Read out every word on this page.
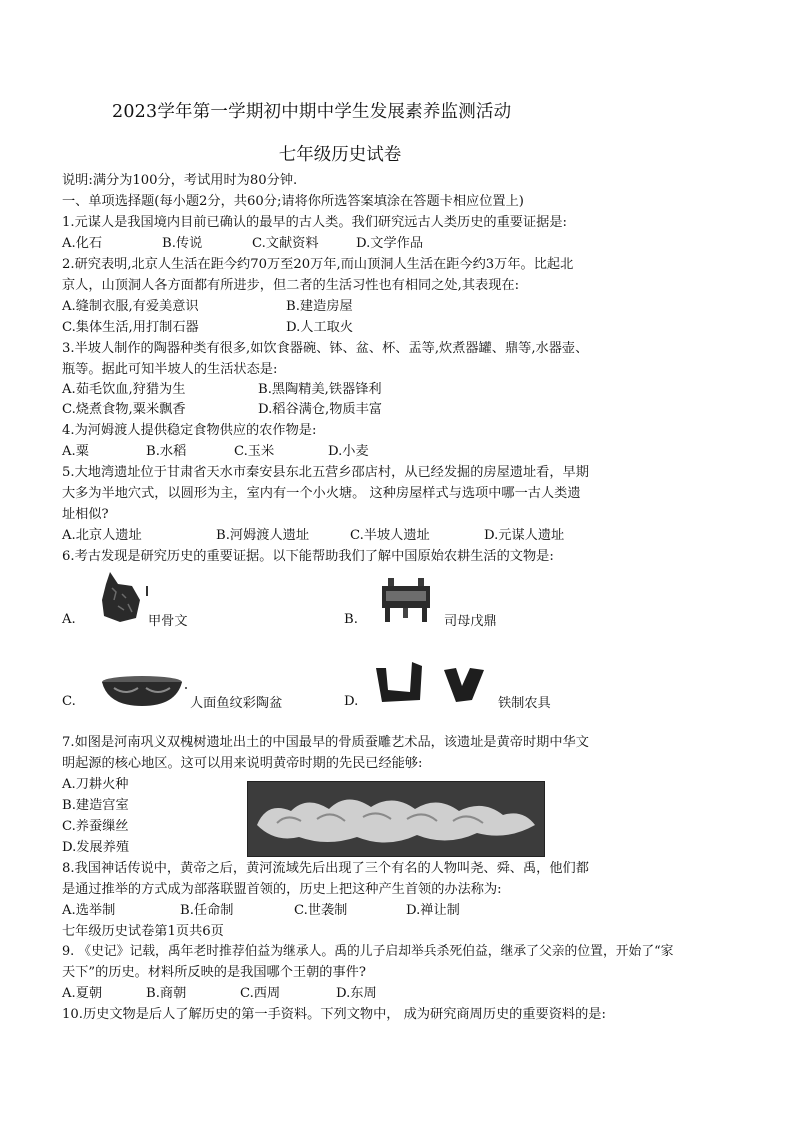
2023学年第一学期初中期中学生发展素养监测活动
七年级历史试卷
说明:满分为100分，考试用时为80分钟.
一、单项选择题(每小题2分，共60分;请将你所选答案填涂在答题卡相应位置上)
1.元谋人是我国境内目前已确认的最早的古人类。我们研究远古人类历史的重要证据是:
A.化石	B.传说	C.文献资料	D.文学作品
2.研究表明,北京人生活在距今约70万至20万年,而山顶洞人生活在距今约3万年。比起北
京人，山顶洞人各方面都有所进步，但二者的生活习性也有相同之处,其表现在:
A.缝制衣服,有爱美意识	B.建造房屋
C.集体生活,用打制石器	D.人工取火
3.半坡人制作的陶器种类有很多,如饮食器碗、钵、盆、杯、盂等,炊煮器罐、鼎等,水器壶、
瓶等。据此可知半坡人的生活状态是:
A.茹毛饮血,狩猎为生	B.黑陶精美,铁器锋利
C.烧煮食物,粟米飘香	D.稻谷满仓,物质丰富
4.为河姆渡人提供稳定食物供应的农作物是:
A.粟	B.水稻	C.玉米	D.小麦
5.大地湾遗址位于甘肃省天水市秦安县东北五营乡邵店村，从已经发掘的房屋遗址看，早期
大多为半地穴式，以圆形为主，室内有一个小火塘。 这种房屋样式与选项中哪一古人类遗
址相似?
A.北京人遗址	B.河姆渡人遗址	C.半坡人遗址	D.元谋人遗址
6.考古发现是研究历史的重要证据。以下能帮助我们了解中国原始农耕生活的文物是:
A.	甲骨文	B.	司母戊鼎
C.	人面鱼纹彩陶盆	D.	铁制农具
7.如图是河南巩义双槐树遗址出土的中国最早的骨质蚕雕艺术品，该遗址是黄帝时期中华文
明起源的核心地区。这可以用来说明黄帝时期的先民已经能够:
A.刀耕火种
B.建造宫室
C.养蚕缫丝
D.发展养殖
8.我国神话传说中，黄帝之后，黄河流域先后出现了三个有名的人物叫尧、舜、禹，他们都
是通过推举的方式成为部落联盟首领的，历史上把这种产生首领的办法称为:
A.选举制	B.任命制	C.世袭制	D.禅让制
七年级历史试卷第1页共6页
9. 《史记》记载，禹年老时推荐伯益为继承人。禹的儿子启却举兵杀死伯益，继承了父亲的位置，开始了“家
天下”的历史。材料所反映的是我国哪个王朝的事件?
A.夏朝	B.商朝	C.西周	D.东周
10.历史文物是后人了解历史的第一手资料。下列文物中， 成为研究商周历史的重要资料的是:
